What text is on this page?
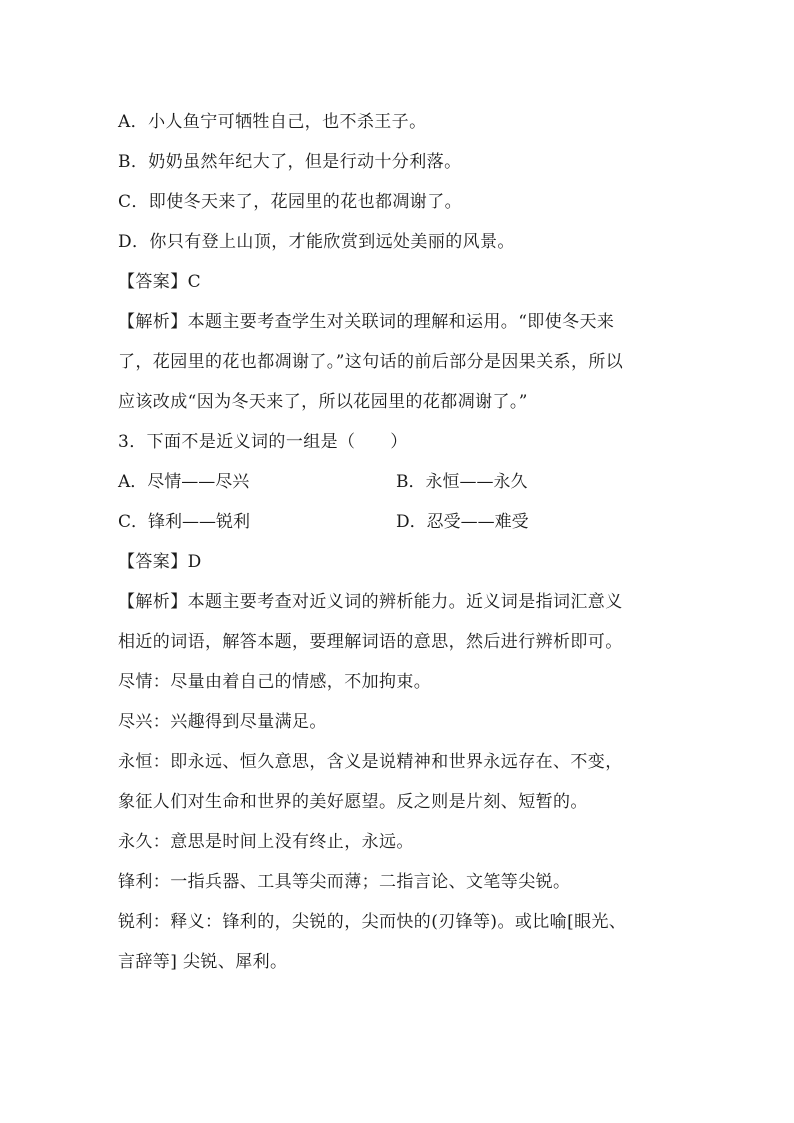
A．小人鱼宁可牺牲自己，也不杀王子。
B．奶奶虽然年纪大了，但是行动十分利落。
C．即使冬天来了，花园里的花也都凋谢了。
D．你只有登上山顶，才能欣赏到远处美丽的风景。
【答案】C
【解析】本题主要考查学生对关联词的理解和运用。“即使冬天来
了，花园里的花也都凋谢了。”这句话的前后部分是因果关系，所以
应该改成“因为冬天来了，所以花园里的花都凋谢了。”
3．下面不是近义词的一组是（　　）
A．尽情——尽兴	B．永恒——永久
C．锋利——锐利	D．忍受——难受
【答案】D
【解析】本题主要考查对近义词的辨析能力。近义词是指词汇意义
相近的词语，解答本题，要理解词语的意思，然后进行辨析即可。
尽情：尽量由着自己的情感，不加拘束。
尽兴：兴趣得到尽量满足。
永恒：即永远、恒久意思，含义是说精神和世界永远存在、不变，
象征人们对生命和世界的美好愿望。反之则是片刻、短暂的。
永久：意思是时间上没有终止，永远。
锋利：一指兵器、工具等尖而薄；二指言论、文笔等尖锐。
锐利：释义：锋利的，尖锐的，尖而快的(刃锋等)。或比喻[眼光、
言辞等] 尖锐、犀利。
